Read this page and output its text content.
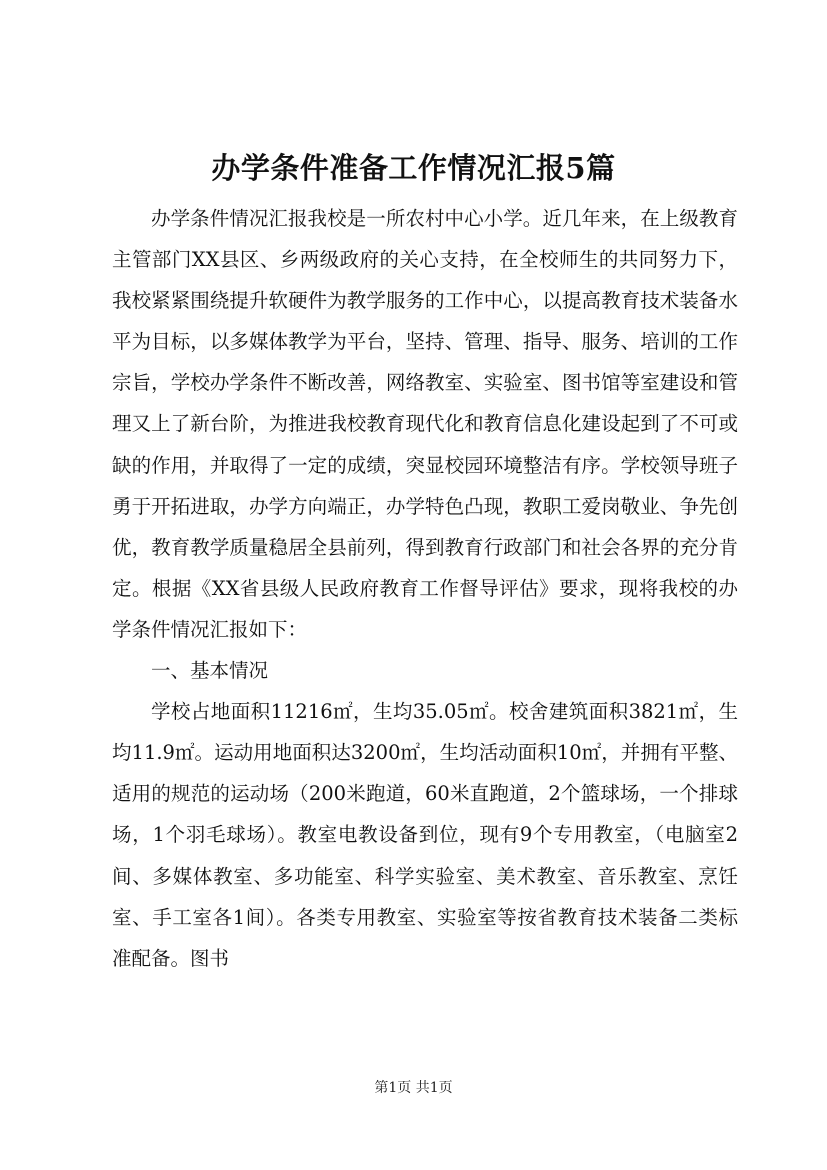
办学条件准备工作情况汇报5篇

办学条件情况汇报我校是一所农村中心小学。近几年来，在上级教育主管部门XX县区、乡两级政府的关心支持，在全校师生的共同努力下，我校紧紧围绕提升软硬件为教学服务的工作中心，以提高教育技术装备水平为目标，以多媒体教学为平台，坚持、管理、指导、服务、培训的工作宗旨，学校办学条件不断改善，网络教室、实验室、图书馆等室建设和管理又上了新台阶，为推进我校教育现代化和教育信息化建设起到了不可或缺的作用，并取得了一定的成绩，突显校园环境整洁有序。学校领导班子勇于开拓进取，办学方向端正，办学特色凸现，教职工爱岗敬业、争先创优，教育教学质量稳居全县前列，得到教育行政部门和社会各界的充分肯定。根据《XX省县级人民政府教育工作督导评估》要求，现将我校的办学条件情况汇报如下：

一、基本情况

学校占地面积11216㎡，生均35.05㎡。校舍建筑面积3821㎡，生均11.9㎡。运动用地面积达3200㎡，生均活动面积10㎡，并拥有平整、适用的规范的运动场（200米跑道，60米直跑道，2个篮球场，一个排球场，1个羽毛球场）。教室电教设备到位，现有9个专用教室，（电脑室2间、多媒体教室、多功能室、科学实验室、美术教室、音乐教室、烹饪室、手工室各1间）。各类专用教室、实验室等按省教育技术装备二类标准配备。图书

第1页 共1页
